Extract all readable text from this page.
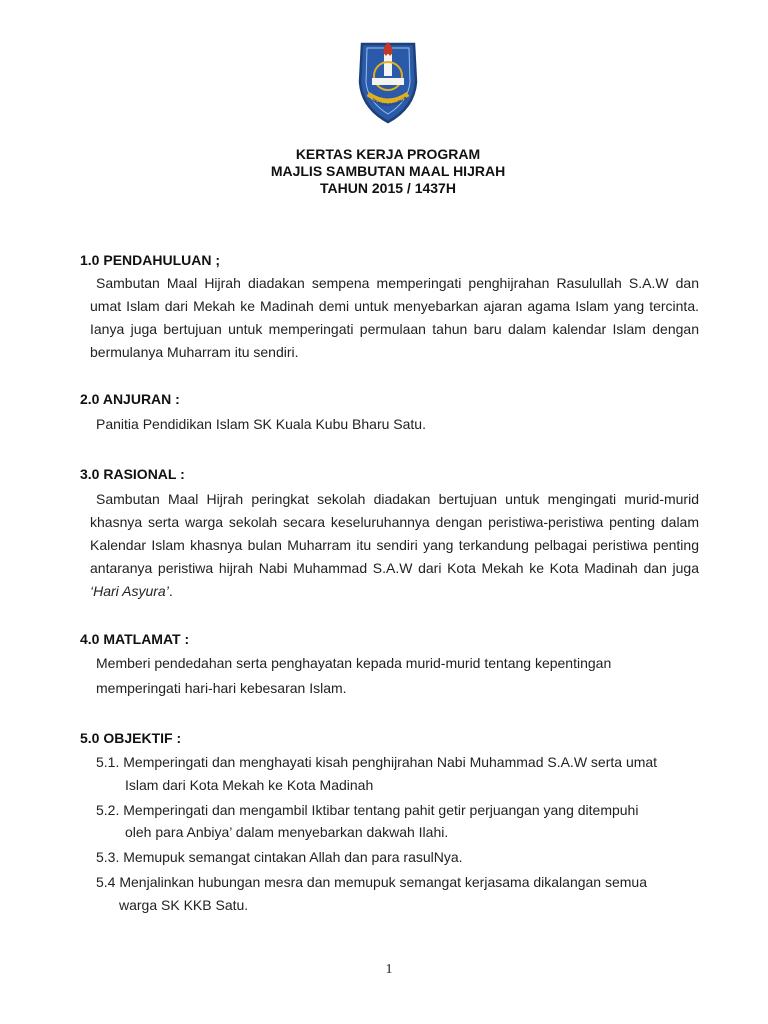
SK KUALA KUBU B
KERTAS KERJA PROGRAM
MAJLIS SAMBUTAN MAAL HIJRAH
TAHUN 2015 / 1437H
1.0 PENDAHULUAN ;
Sambutan Maal Hijrah diadakan sempena memperingati penghijrahan Rasulullah S.A.W dan umat Islam dari Mekah ke Madinah demi untuk menyebarkan ajaran agama Islam yang tercinta. Ianya juga bertujuan untuk memperingati permulaan tahun baru dalam kalendar Islam dengan bermulanya Muharram itu sendiri.
2.0 ANJURAN :
Panitia Pendidikan Islam SK Kuala Kubu Bharu Satu.
3.0 RASIONAL :
Sambutan Maal Hijrah peringkat sekolah diadakan bertujuan untuk mengingati murid-murid khasnya serta warga sekolah secara keseluruhannya dengan peristiwa-peristiwa penting dalam Kalendar Islam khasnya bulan Muharram itu sendiri yang terkandung pelbagai peristiwa penting antaranya peristiwa hijrah Nabi Muhammad S.A.W dari Kota Mekah ke Kota Madinah dan juga ‘Hari Asyura’.
4.0 MATLAMAT :
Memberi pendedahan serta penghayatan kepada murid-murid tentang kepentingan
memperingati hari-hari kebesaran Islam.
5.0 OBJEKTIF :
5.1. Memperingati dan menghayati kisah penghijrahan Nabi Muhammad S.A.W serta umat
Islam dari Kota Mekah ke Kota Madinah
5.2. Memperingati dan mengambil Iktibar tentang pahit getir perjuangan yang ditempuhi
oleh para Anbiya’ dalam menyebarkan dakwah Ilahi.
5.3. Memupuk semangat cintakan Allah dan para rasulNya.
5.4 Menjalinkan hubungan mesra dan memupuk semangat kerjasama dikalangan semua
warga SK KKB Satu.
1
